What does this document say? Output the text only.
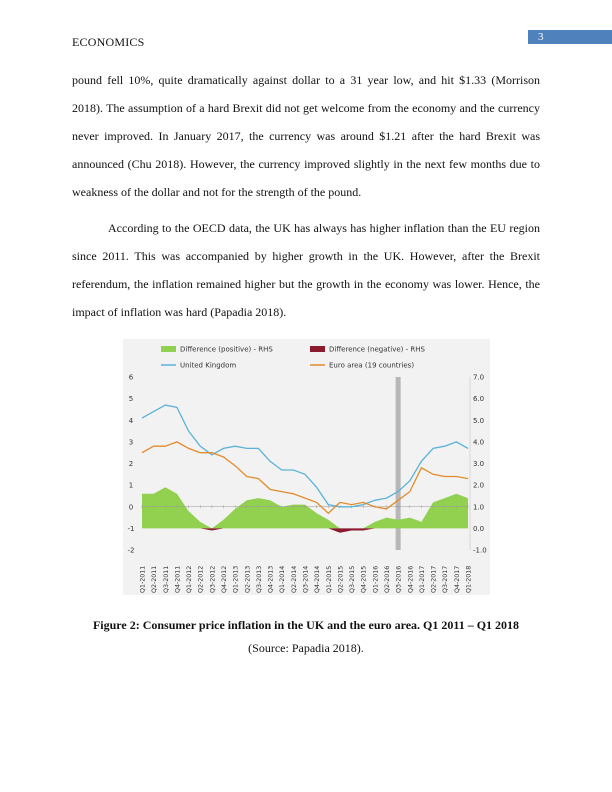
ECONOMICS	3
pound fell 10%, quite dramatically against dollar to a 31 year low, and hit $1.33 (Morrison 2018). The assumption of a hard Brexit did not get welcome from the economy and the currency never improved. In January 2017, the currency was around $1.21 after the hard Brexit was announced (Chu 2018). However, the currency improved slightly in the next few months due to weakness of the dollar and not for the strength of the pound.
According to the OECD data, the UK has always has higher inflation than the EU region since 2011. This was accompanied by higher growth in the UK. However, after the Brexit referendum, the inflation remained higher but the growth in the economy was lower. Hence, the impact of inflation was hard (Papadia 2018).
-2
-1
0
1
2
3
4
5
6
-1.0
0.0
1.0
2.0
3.0
4.0
5.0
6.0
7.0
Q1-2011 Q2-2011 Q3-2011 Q4-2011 Q1-2012 Q2-2012 Q3-2012 Q4-2012 Q1-2013 Q2-2013 Q3-2013 Q4-2013 Q1-2014 Q2-2014 Q3-2014 Q4-2014 Q1-2015 Q2-2015 Q3-2015 Q4-2015 Q1-2016 Q2-2016 Q3-2016 Q4-2016 Q1-2017 Q2-2017 Q3-2017 Q4-2017 Q1-2018
Difference (positive) - RHS	Difference (negative) - RHS
United Kingdom	Euro area (19 countries)
Figure 2: Consumer price inflation in the UK and the euro area. Q1 2011 – Q1 2018
(Source: Papadia 2018).
